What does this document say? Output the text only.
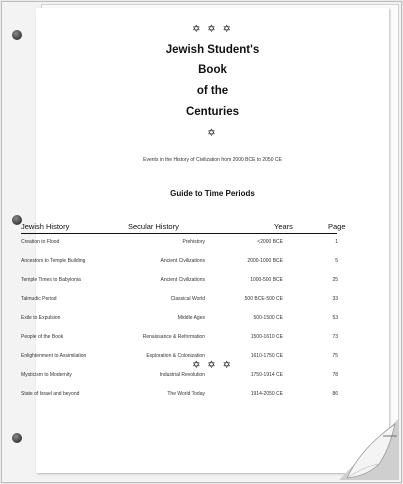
✡ ✡ ✡
Jewish Student's
Book
of the
Centuries
✡
Events in the History of Civilization from 2000 BCE to 2050 CE
Guide to Time Periods
Jewish History	Secular History	Years	Page
Creation to Flood	Prehistory	<2000 BCE	1
Ancestors to Temple Building	Ancient Civilizations	2000-1000 BCE	5
Temple Times to Babylonia	Ancient Civilizations	1000-500 BCE	25
Talmudic Period	Classical World	500 BCE-500 CE	33
Exile to Expulsion	Middle Ages	500-1500 CE	53
People of the Book	Renaissance & Reformation	1500-1610 CE	73
Enlightenment to Assimilation	Exploration & Colonization	1610-1750 CE	75
Mysticism to Modernity	Industrial Revolution	1750-1914 CE	78
State of Israel and beyond	The World Today	1914-2050 CE	86
✡ ✡ ✡
